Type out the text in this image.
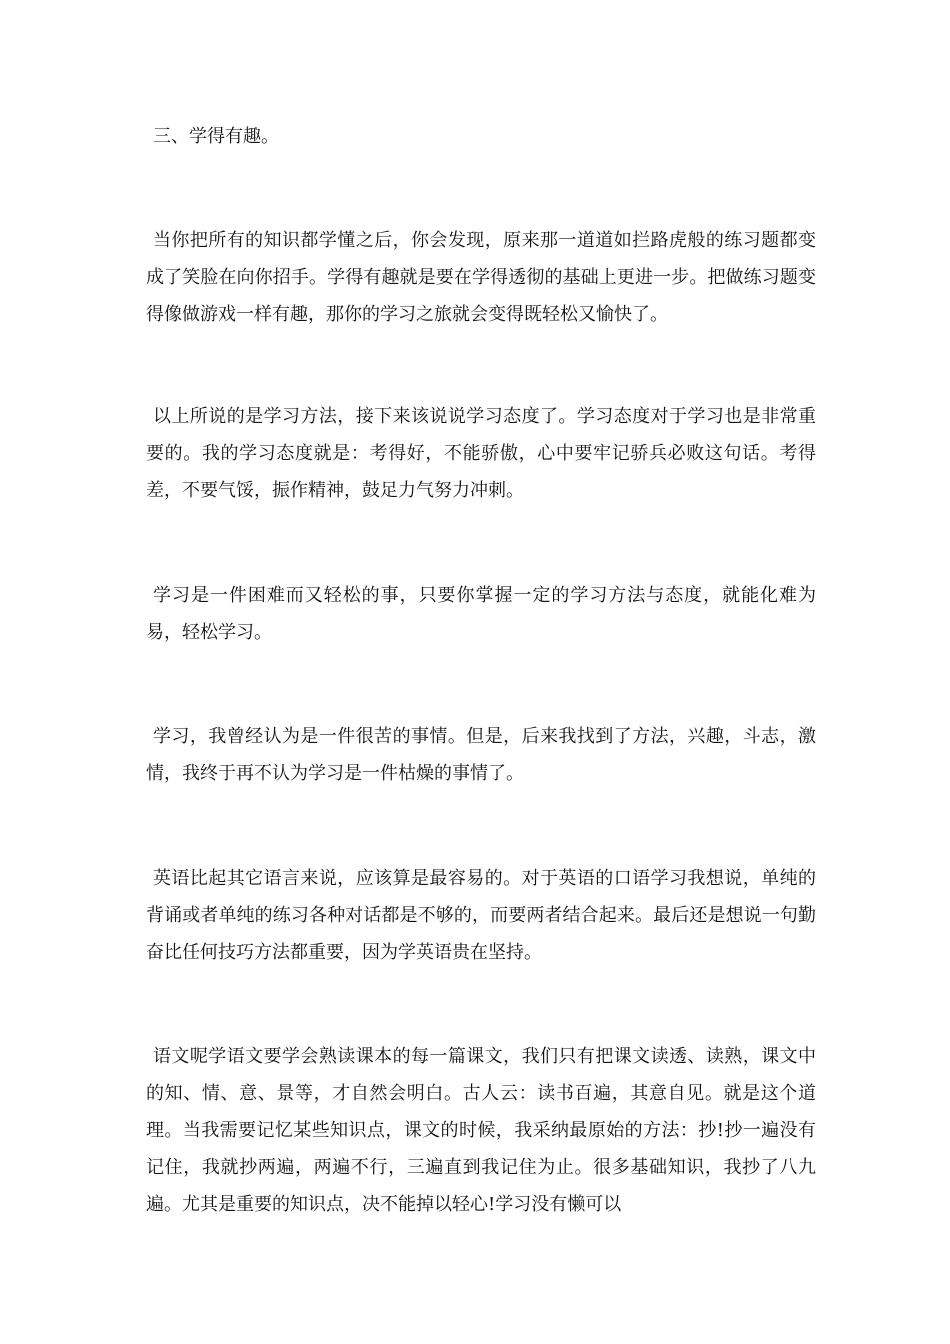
三、学得有趣。

当你把所有的知识都学懂之后，你会发现，原来那一道道如拦路虎般的练习题都变成了笑脸在向你招手。学得有趣就是要在学得透彻的基础上更进一步。把做练习题变得像做游戏一样有趣，那你的学习之旅就会变得既轻松又愉快了。

以上所说的是学习方法，接下来该说说学习态度了。学习态度对于学习也是非常重要的。我的学习态度就是：考得好，不能骄傲，心中要牢记骄兵必败这句话。考得差，不要气馁，振作精神，鼓足力气努力冲刺。

学习是一件困难而又轻松的事，只要你掌握一定的学习方法与态度，就能化难为易，轻松学习。

学习，我曾经认为是一件很苦的事情。但是，后来我找到了方法，兴趣，斗志，激情，我终于再不认为学习是一件枯燥的事情了。

英语比起其它语言来说，应该算是最容易的。对于英语的口语学习我想说，单纯的背诵或者单纯的练习各种对话都是不够的，而要两者结合起来。最后还是想说一句勤奋比任何技巧方法都重要，因为学英语贵在坚持。

语文呢学语文要学会熟读课本的每一篇课文，我们只有把课文读透、读熟，课文中的知、情、意、景等，才自然会明白。古人云：读书百遍，其意自见。就是这个道理。当我需要记忆某些知识点，课文的时候，我采纳最原始的方法：抄!抄一遍没有记住，我就抄两遍，两遍不行，三遍直到我记住为止。很多基础知识，我抄了八九遍。尤其是重要的知识点，决不能掉以轻心!学习没有懒可以
